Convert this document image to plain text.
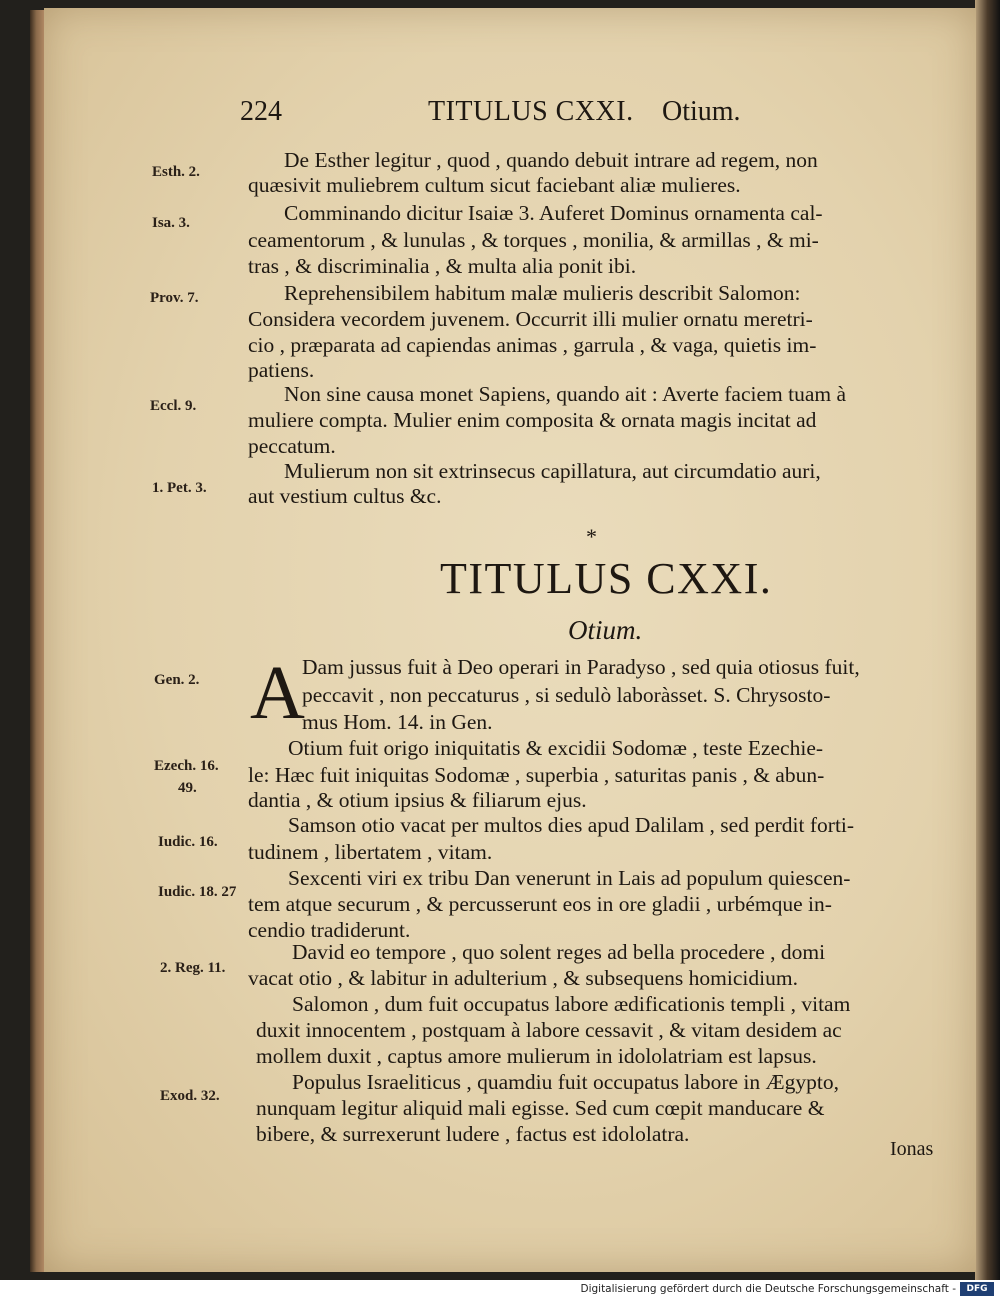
224	TITULUS CXXI. Otium.
Esth. 2.
Isa. 3.
Prov. 7.
Eccl. 9.
1. Pet. 3.
De Esther legitur , quod , quando debuit intrare ad regem, non
quæsivit muliebrem cultum sicut faciebant aliæ mulieres.
Comminando dicitur Isaiæ 3. Auferet Dominus ornamenta cal-
ceamentorum , & lunulas , & torques , monilia, & armillas , & mi-
tras , & discriminalia , & multa alia ponit ibi.
Reprehensibilem habitum malæ mulieris describit Salomon:
Considera vecordem juvenem. Occurrit illi mulier ornatu meretri-
cio , præparata ad capiendas animas , garrula , & vaga, quietis im-
patiens.
Non sine causa monet Sapiens, quando ait : Averte faciem tuam à
muliere compta. Mulier enim composita & ornata magis incitat ad
peccatum.
Mulierum non sit extrinsecus capillatura, aut circumdatio auri,
aut vestium cultus &c.
*
TITULUS CXXI.
Otium.
Gen. 2.
Ezech. 16.
49.
Iudic. 16.
Iudic. 18. 27
2. Reg. 11.
Exod. 32.
A
Dam jussus fuit à Deo operari in Paradyso , sed quia otiosus fuit,
peccavit , non peccaturus , si sedulò laboràsset. S. Chrysosto-
mus Hom. 14. in Gen.
Otium fuit origo iniquitatis & excidii Sodomæ , teste Ezechie-
le: Hæc fuit iniquitas Sodomæ , superbia , saturitas panis , & abun-
dantia , & otium ipsius & filiarum ejus.
Samson otio vacat per multos dies apud Dalilam , sed perdit forti-
tudinem , libertatem , vitam.
Sexcenti viri ex tribu Dan venerunt in Lais ad populum quiescen-
tem atque securum , & percusserunt eos in ore gladii , urbémque in-
cendio tradiderunt.
David eo tempore , quo solent reges ad bella procedere , domi
vacat otio , & labitur in adulterium , & subsequens homicidium.
Salomon , dum fuit occupatus labore ædificationis templi , vitam
duxit innocentem , postquam à labore cessavit , & vitam desidem ac
mollem duxit , captus amore mulierum in idololatriam est lapsus.
Populus Israeliticus , quamdiu fuit occupatus labore in Ægypto,
nunquam legitur aliquid mali egisse. Sed cum cœpit manducare &
bibere, & surrexerunt ludere , factus est idololatra.
Ionas
Digitalisierung gefördert durch die Deutsche Forschungsgemeinschaft -	DFG
